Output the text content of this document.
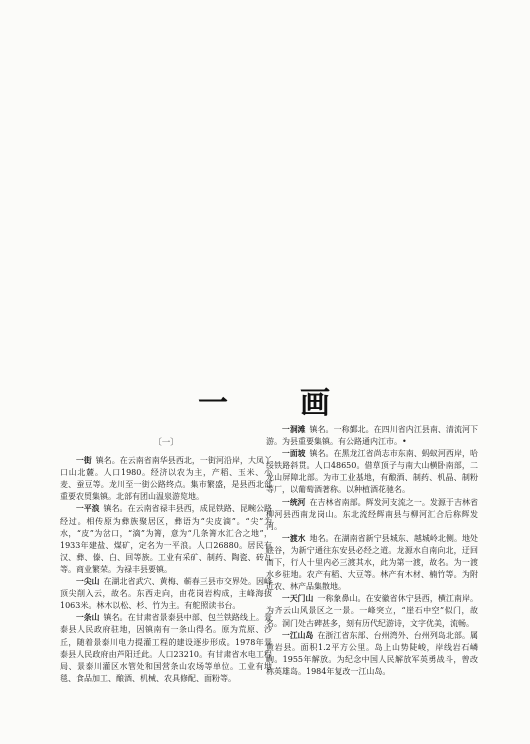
一 画
〔一〕

一街 镇名。在云南省南华县西北，一街河沿岸，大凤丫口山北麓。人口1980。经济以农为主，产稻、玉米、小麦、蚕豆等。龙川至一街公路终点。集市繁盛，是县西北部重要农贸集镇。北部有团山温泉游览地。

一平浪 镇名。在云南省禄丰县西，成昆铁路、昆畹公路经过。相传原为彝族聚居区，彝语为“尖皮滴”。“尖”为水，“皮”为岔口，“滴”为箐，意为“几条箐水汇合之地”，1933年建盐、煤矿，定名为一平浪。人口26880。居民有汉、彝、傣、白、回等族。工业有采矿、制药、陶瓷、砖瓦等。商业繁荣。为禄丰县要镇。

一尖山 在湖北省武穴、黄梅、蕲春三县市交界处。因峰顶尖削入云，故名。东西走向，由花岗岩构成，主峰海拔1063米。林木以松、杉、竹为主。有舵照读书台。

一条山 镇名。在甘肃省景泰县中部、包兰铁路线上。景泰县人民政府驻地，因镇南有一条山得名。原为荒原、沙丘，随着景泰川电力提灌工程的建设逐步形成。1978年景泰县人民政府由芦阳迁此。人口23210。有甘肃省水电工程局、景泰川灌区水管处和国营条山农场等单位。工业有地毯、食品加工、酿酒、机械、农具修配、面粉等。

一洞滩 镇名。一称鄞北。在四川省内江县南、清流河下游。为县重要集镇。有公路通内江市。•

一面坡 镇名。在黑龙江省尚志市东南、蚂蚁河西岸，哈绥铁路斜贯。人口48650。借草顶子与南大山横卧南部，二龙山屏障北部。为市工业基地，有酿酒、制药、机晶、制粉等厂，以葡萄酒著称。以种植酒花驰名。

一统河 在吉林省南部。辉发河支流之一。发源于吉林省柳河县西南龙岗山。东北流经辉南县与柳河汇合后称辉发河。

一渡水 地名。在湖南省新宁县城东、越城岭北侧。地处峡谷，为新宁通往东安县必经之道。龙源水自南向北，迂回而下，行人十里内必三渡其水，此为第一渡，故名。为一渡水乡驻地。农产有稻、大豆等。林产有木材、楠竹等。为附近农、林产品集散地。

一天门山 一称象鼻山。在安徽省休宁县西，横江南岸。为齐云山风景区之一景。一峰突立，“崖石中空”似门，故名。洞门处古碑甚多，刻有历代纪游诗，文字优美，流畅。

一江山岛 在浙江省东部、台州湾外、台州列岛北部。属黄岩县。面积1.2平方公里。岛上山势陡峻，岸线岩石嶙峋。1955年解放。为纪念中国人民解放军英勇战斗，曾改称英雄岛。1984年复改一江山岛。
